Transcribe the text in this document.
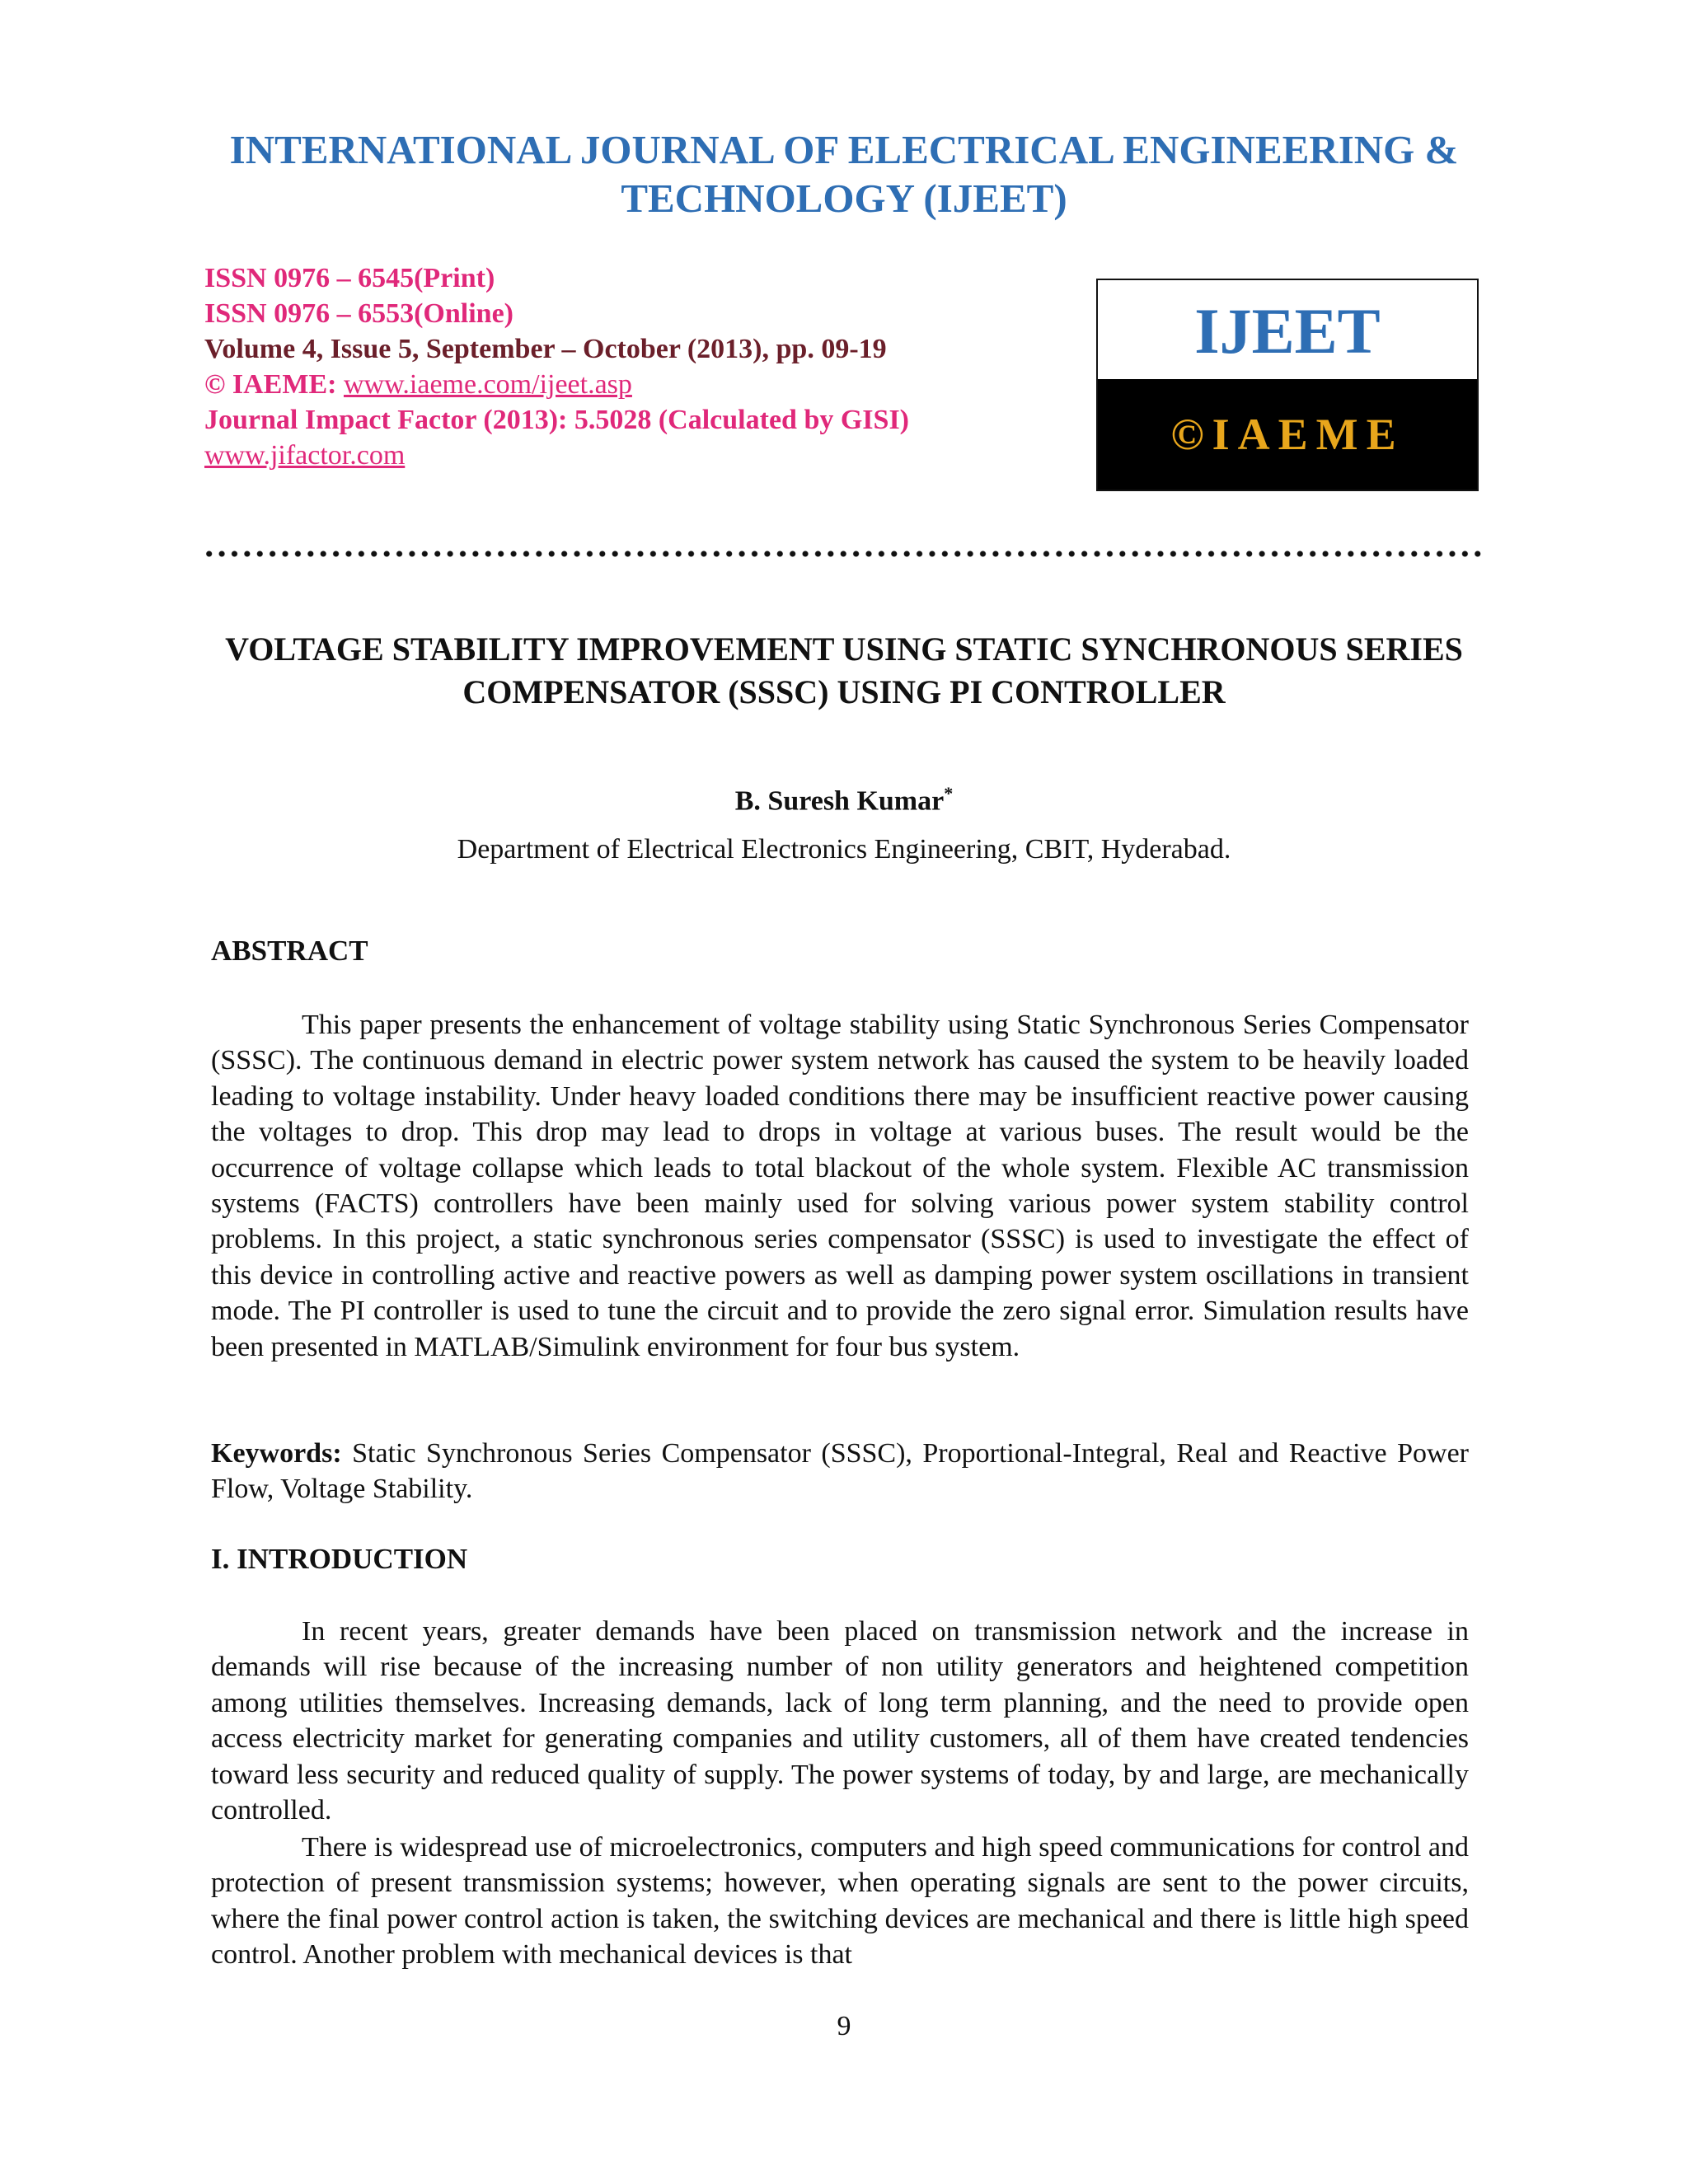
INTERNATIONAL JOURNAL OF ELECTRICAL ENGINEERING & TECHNOLOGY (IJEET)
ISSN 0976 – 6545(Print)
ISSN 0976 – 6553(Online)
Volume 4, Issue 5, September – October (2013), pp. 09-19
© IAEME: www.iaeme.com/ijeet.asp
Journal Impact Factor (2013): 5.5028 (Calculated by GISI)
www.jifactor.com
IJEET
©IAEME
VOLTAGE STABILITY IMPROVEMENT USING STATIC SYNCHRONOUS SERIES COMPENSATOR (SSSC) USING PI CONTROLLER
B. Suresh Kumar*
Department of Electrical Electronics Engineering, CBIT, Hyderabad.
ABSTRACT
This paper presents the enhancement of voltage stability using Static Synchronous Series Compensator (SSSC). The continuous demand in electric power system network has caused the system to be heavily loaded leading to voltage instability. Under heavy loaded conditions there may be insufficient reactive power causing the voltages to drop. This drop may lead to drops in voltage at various buses. The result would be the occurrence of voltage collapse which leads to total blackout of the whole system. Flexible AC transmission systems (FACTS) controllers have been mainly used for solving various power system stability control problems. In this project, a static synchronous series compensator (SSSC) is used to investigate the effect of this device in controlling active and reactive powers as well as damping power system oscillations in transient mode. The PI controller is used to tune the circuit and to provide the zero signal error. Simulation results have been presented in MATLAB/Simulink environment for four bus system.
Keywords: Static Synchronous Series Compensator (SSSC), Proportional-Integral, Real and Reactive Power Flow, Voltage Stability.
I. INTRODUCTION
In recent years, greater demands have been placed on transmission network and the increase in demands will rise because of the increasing number of non utility generators and heightened competition among utilities themselves. Increasing demands, lack of long term planning, and the need to provide open access electricity market for generating companies and utility customers, all of them have created tendencies toward less security and reduced quality of supply. The power systems of today, by and large, are mechanically controlled.
There is widespread use of microelectronics, computers and high speed communications for control and protection of present transmission systems; however, when operating signals are sent to the power circuits, where the final power control action is taken, the switching devices are mechanical and there is little high speed control. Another problem with mechanical devices is that
9
